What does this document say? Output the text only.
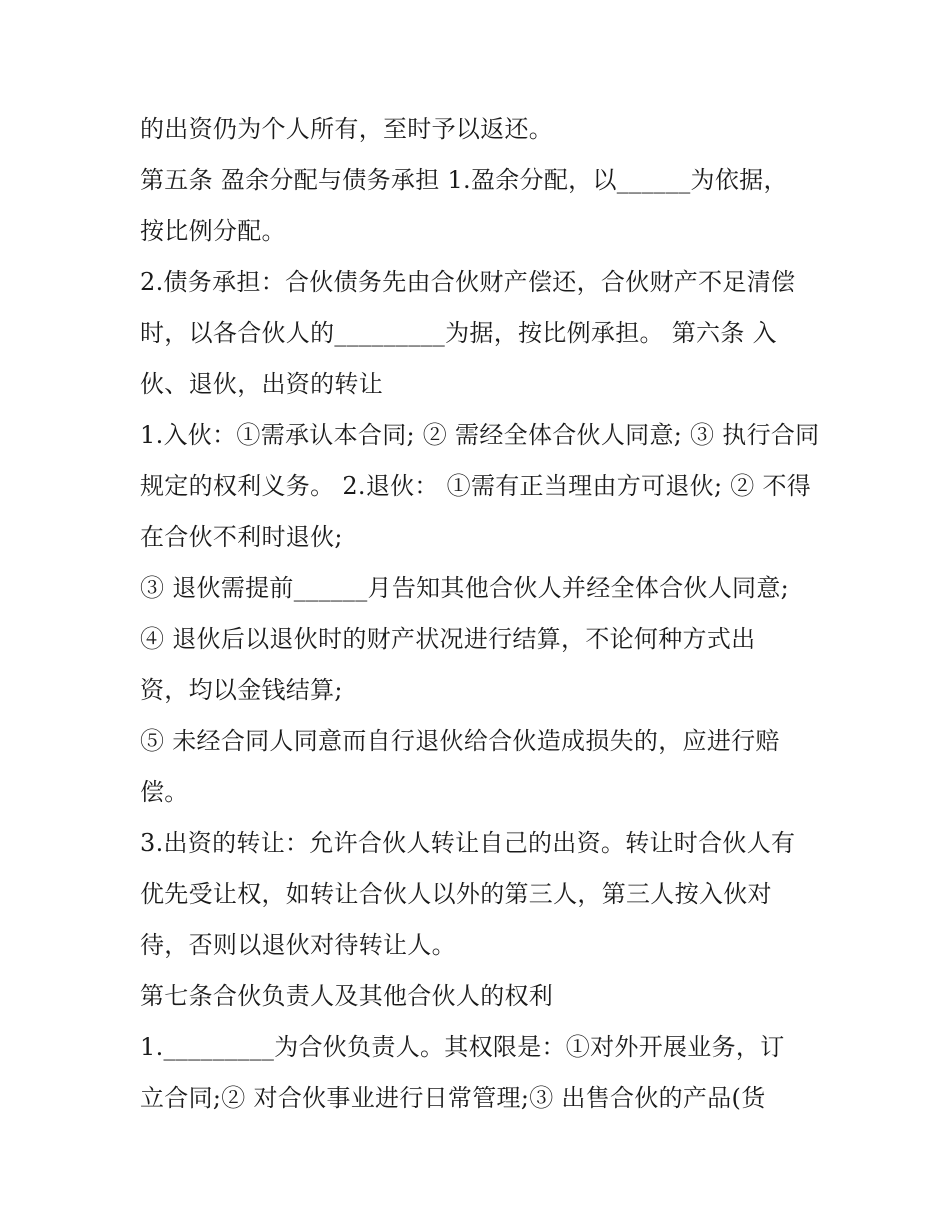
的出资仍为个人所有，至时予以返还。
第五条 盈余分配与债务承担 1.盈余分配，以______为依据，
按比例分配。
2.债务承担：合伙债务先由合伙财产偿还，合伙财产不足清偿
时，以各合伙人的_________为据，按比例承担。 第六条 入
伙、退伙，出资的转让
1.入伙：①需承认本合同; ② 需经全体合伙人同意; ③ 执行合同
规定的权利义务。 2.退伙： ①需有正当理由方可退伙; ② 不得
在合伙不利时退伙;
③ 退伙需提前______月告知其他合伙人并经全体合伙人同意;
④ 退伙后以退伙时的财产状况进行结算，不论何种方式出
资，均以金钱结算;
⑤ 未经合同人同意而自行退伙给合伙造成损失的，应进行赔
偿。
3.出资的转让：允许合伙人转让自己的出资。转让时合伙人有
优先受让权，如转让合伙人以外的第三人，第三人按入伙对
待，否则以退伙对待转让人。
第七条合伙负责人及其他合伙人的权利
1._________为合伙负责人。其权限是：①对外开展业务，订
立合同;② 对合伙事业进行日常管理;③ 出售合伙的产品(货
